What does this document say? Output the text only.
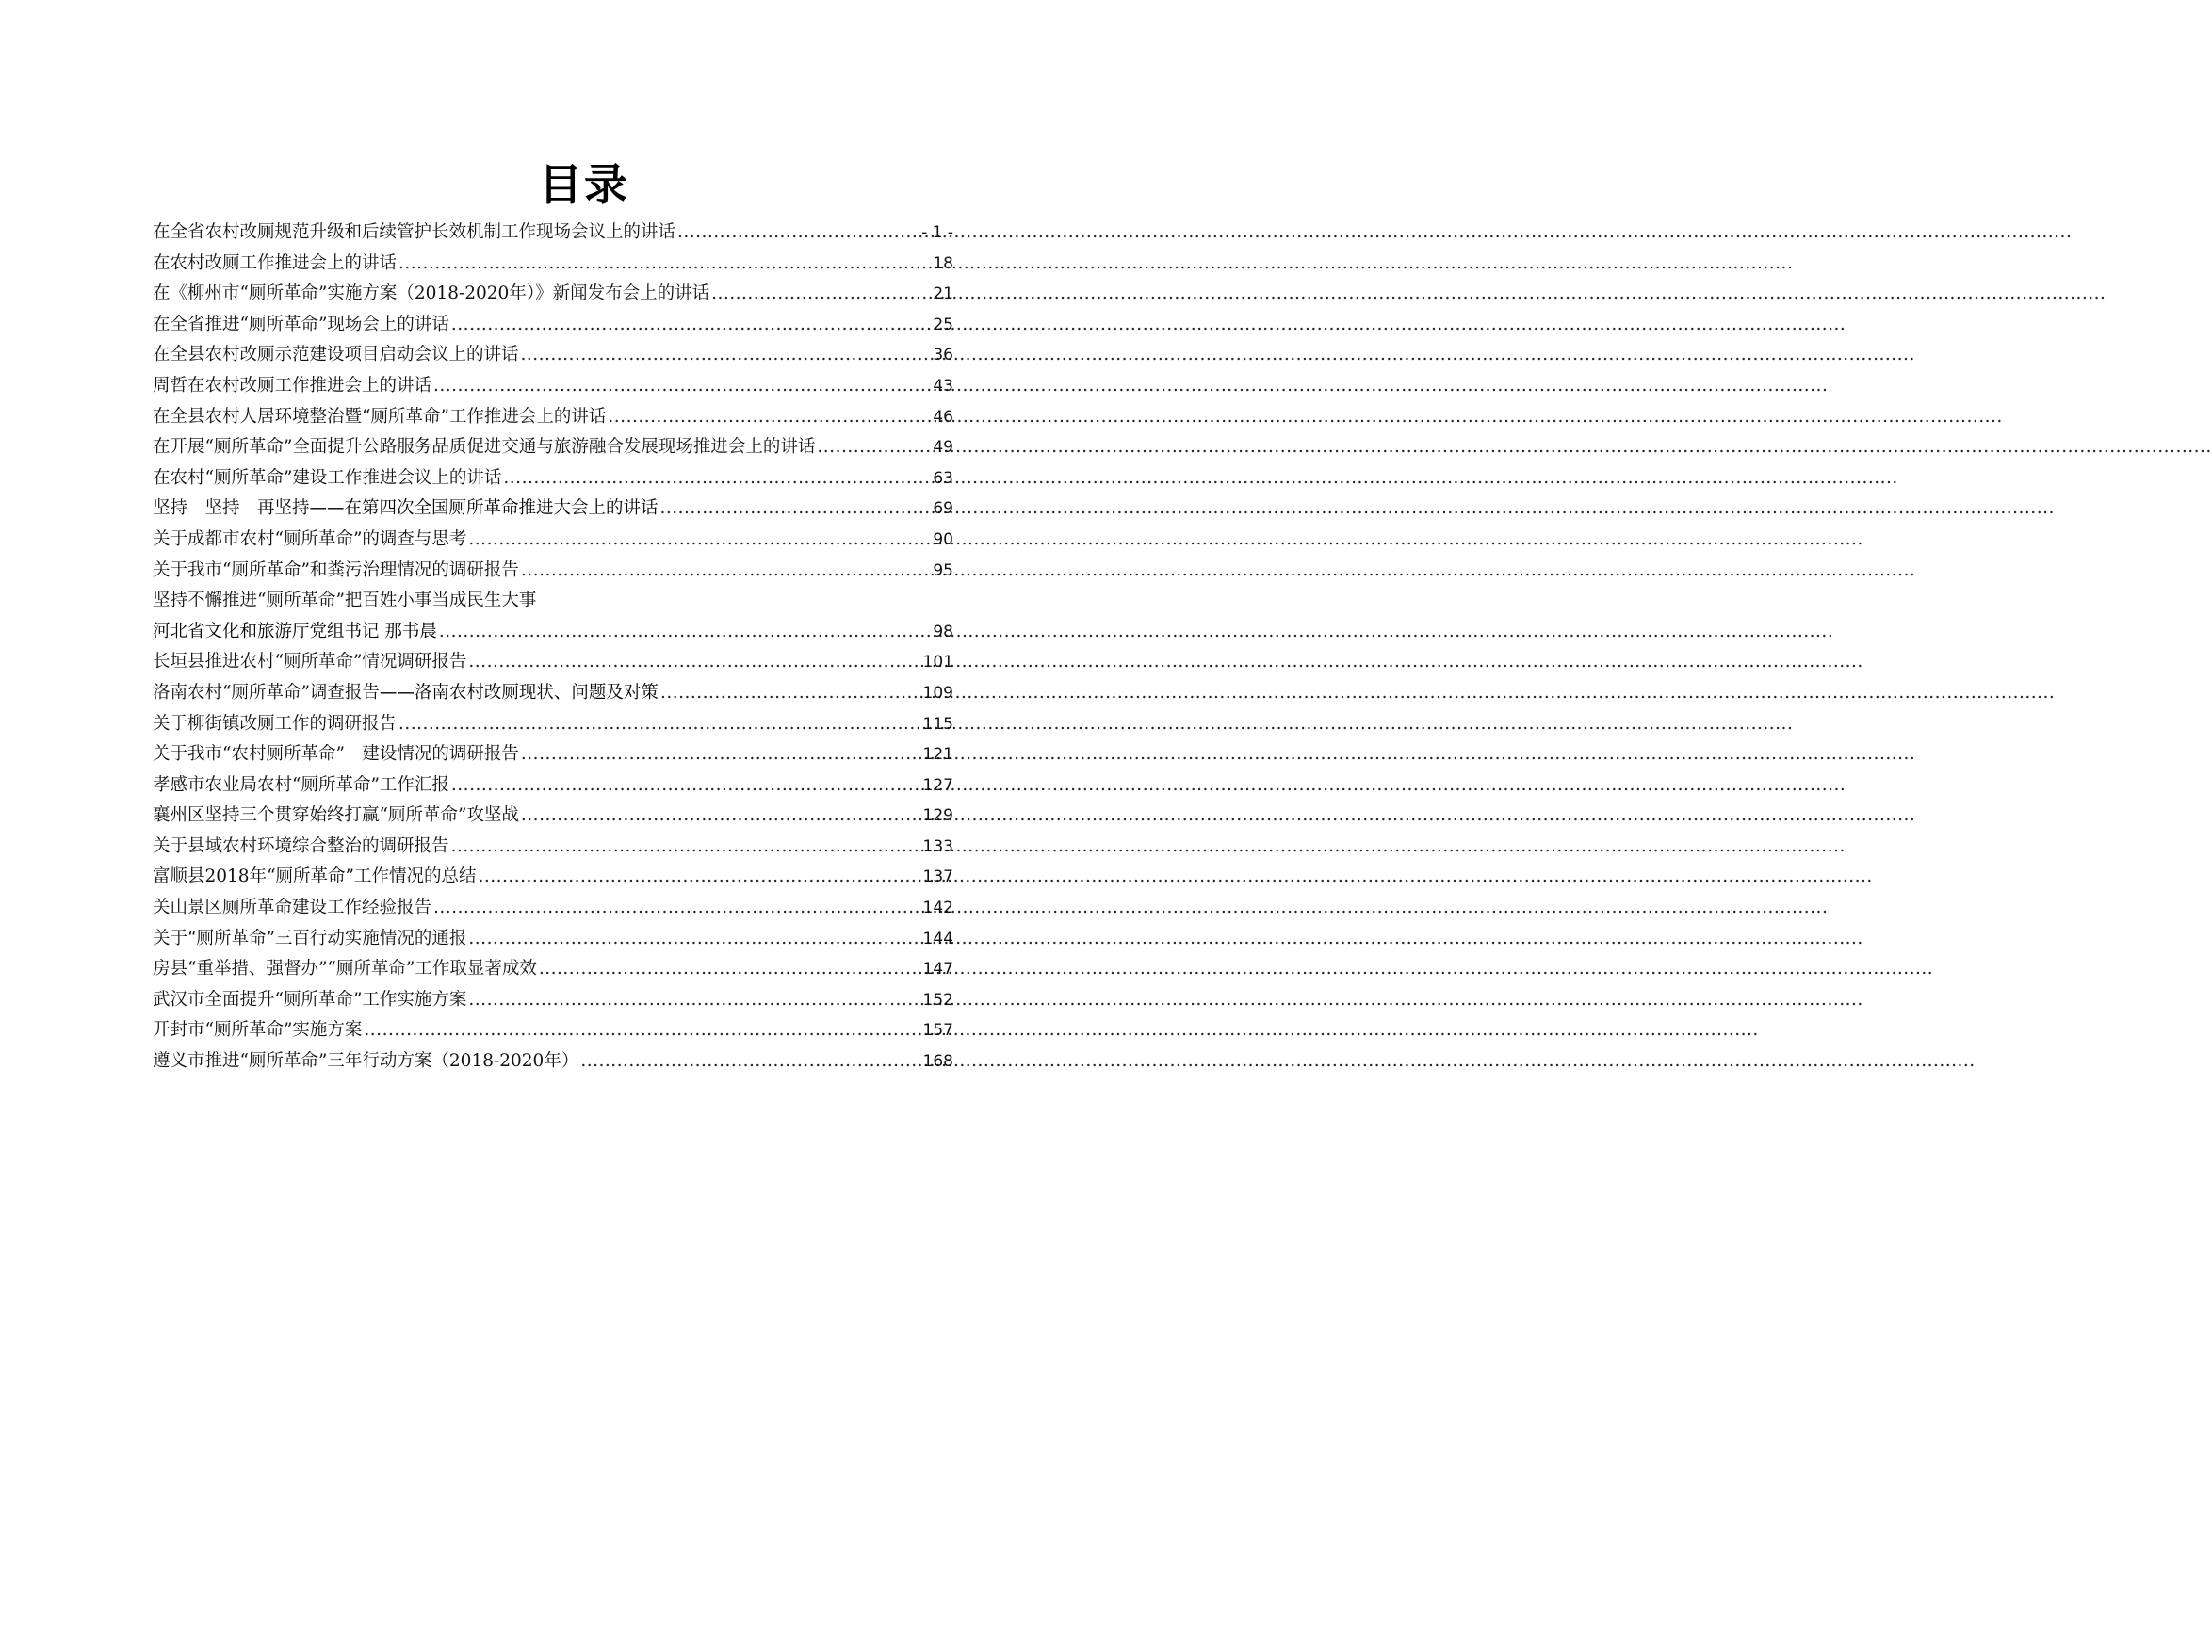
目录
在全省农村改厕规范升级和后续管护长效机制工作现场会议上的讲话 .....	- 1 -
在农村改厕工作推进会上的讲话 .....	18
在《柳州市“厕所革命”实施方案（2018-2020年）》新闻发布会上的讲话 .....	21
在全省推进“厕所革命”现场会上的讲话 .....	25
在全县农村改厕示范建设项目启动会议上的讲话 .....	36
周哲在农村改厕工作推进会上的讲话 .....	43
在全县农村人居环境整治暨“厕所革命”工作推进会上的讲话 .....	46
在开展“厕所革命”全面提升公路服务品质促进交通与旅游融合发展现场推进会上的讲话 .....	49
在农村“厕所革命”建设工作推进会议上的讲话 .....	63
坚持　坚持　再坚持——在第四次全国厕所革命推进大会上的讲话 .....	69
关于成都市农村“厕所革命”的调查与思考 .....	90
关于我市“厕所革命”和粪污治理情况的调研报告 .....	95
坚持不懈推进“厕所革命”把百姓小事当成民生大事
河北省文化和旅游厅党组书记 那书晨 .....	98
长垣县推进农村“厕所革命”情况调研报告 .....	101
洛南农村“厕所革命”调查报告——洛南农村改厕现状、问题及对策 .....	109
关于柳街镇改厕工作的调研报告 .....	115
关于我市“农村厕所革命”　建设情况的调研报告 .....	121
孝感市农业局农村“厕所革命”工作汇报 .....	127
襄州区坚持三个贯穿始终打赢“厕所革命”攻坚战 .....	129
关于县域农村环境综合整治的调研报告 .....	133
富顺县2018年“厕所革命”工作情况的总结 .....	137
关山景区厕所革命建设工作经验报告 .....	142
关于“厕所革命”三百行动实施情况的通报 .....	144
房县“重举措、强督办”“厕所革命”工作取显著成效 .....	147
武汉市全面提升“厕所革命”工作实施方案 .....	152
开封市“厕所革命”实施方案 .....	157
遵义市推进“厕所革命”三年行动方案（2018-2020年） .....	168
